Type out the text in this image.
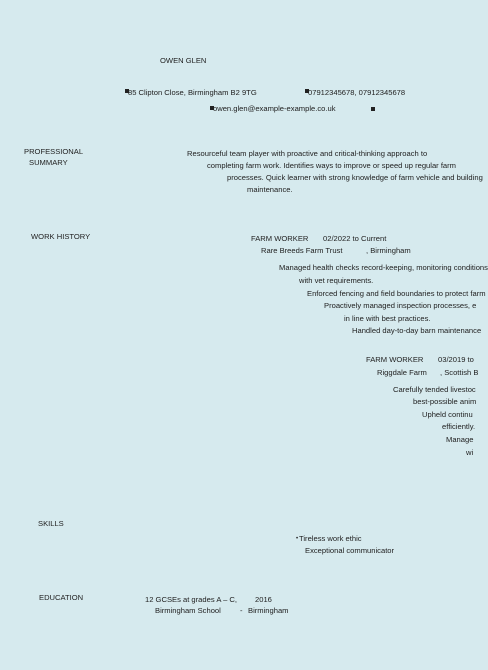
OWEN GLEN
85 Clipton Close, Birmingham B2 9TG	07912345678, 07912345678
owen.glen@example-example.co.uk
PROFESSIONAL
SUMMARY
Resourceful team player with proactive and critical-thinking approach to
completing farm work. Identifies ways to improve or speed up regular farm
processes. Quick learner with strong knowledge of farm vehicle and building
maintenance.
WORK HISTORY	FARM WORKER 02/2022 to Current
Rare Breeds Farm Trust	, Birmingham
Managed health checks record-keeping, monitoring conditions
with vet requirements.
Enforced fencing and field boundaries to protect farm
Proactively managed inspection processes, e
in line with best practices.
Handled day-to-day barn maintenance
FARM WORKER 03/2019 to
Riggdale Farm , Scottish B
Carefully tended livestoc
best-possible anim
Upheld continu
efficiently.
Manage
wi
SKILLS
• Tireless work ethic
Exceptional communicator
EDUCATION	12 GCSEs at grades A – C, 2016
Birmingham School	- Birmingham
